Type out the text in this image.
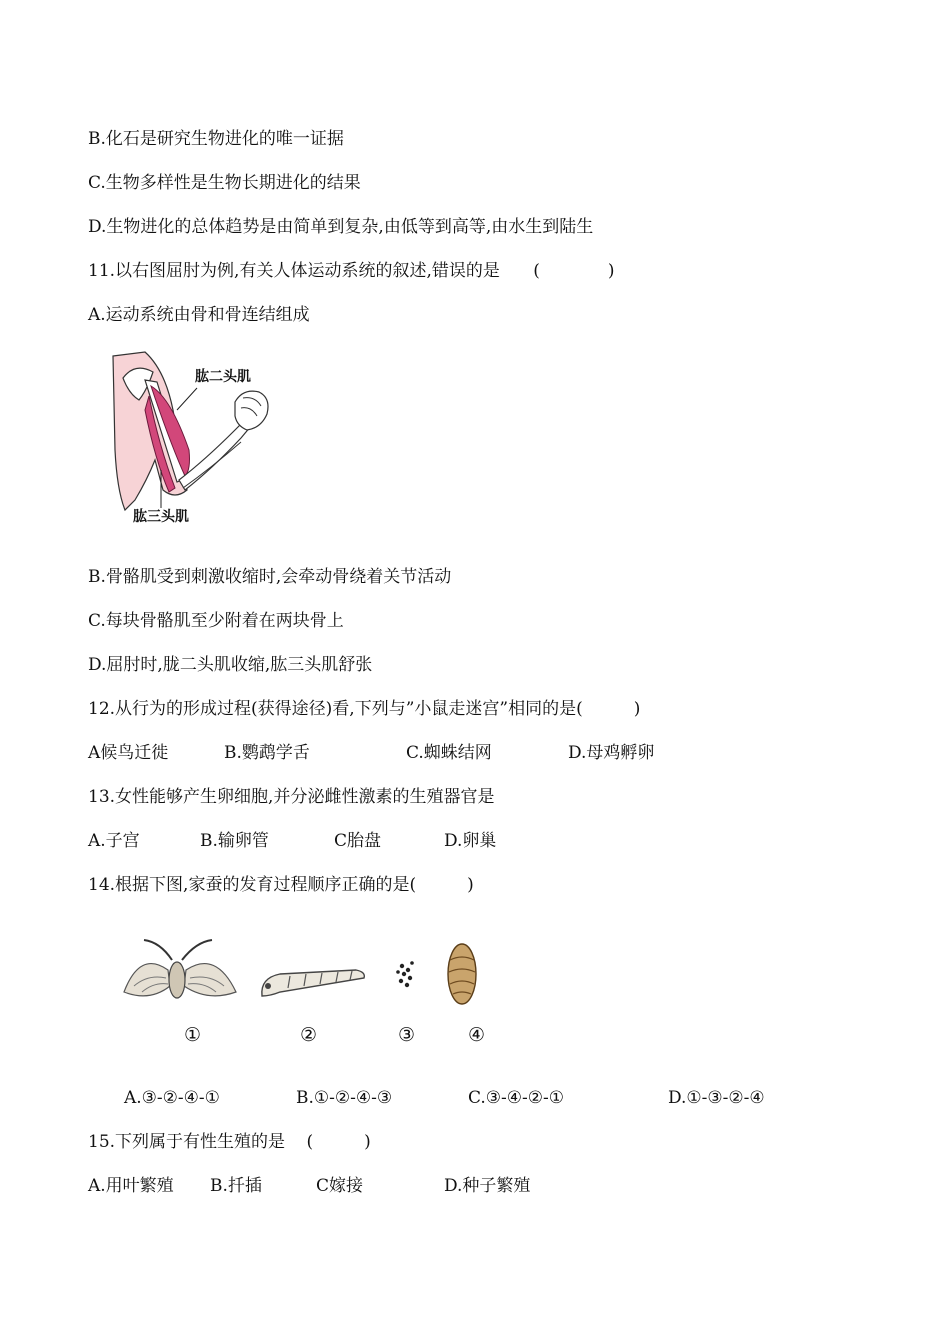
B.化石是研究生物进化的唯一证据
C.生物多样性是生物长期进化的结果
D.生物进化的总体趋势是由简单到复杂,由低等到高等,由水生到陆生
11.以右图屈肘为例,有关人体运动系统的叙述,错误的是 (　　　　)
A.运动系统由骨和骨连结组成
肱二头肌
肱三头肌
B.骨骼肌受到刺激收缩时,会牵动骨绕着关节活动
C.每块骨骼肌至少附着在两块骨上
D.屈肘时,胧二头肌收缩,肱三头肌舒张
12.从行为的形成过程(获得途径)看,下列与”小鼠走迷宫”相同的是(　　　)
A候鸟迁徙	B.鹦鹉学舌	C.蜘蛛结网	D.母鸡孵卵
13.女性能够产生卵细胞,并分泌雌性激素的生殖器官是
A.子宫	B.输卵管	C胎盘	D.卵巢
14.根据下图,家蚕的发育过程顺序正确的是(　　　)
①	②	③	④
A.③-②-④-①	B.①-②-④-③	C.③-④-②-①	D.①-③-②-④
15.下列属于有性生殖的是 (　　　)
A.用叶繁殖 B.扦插	C嫁接	D.种子繁殖
